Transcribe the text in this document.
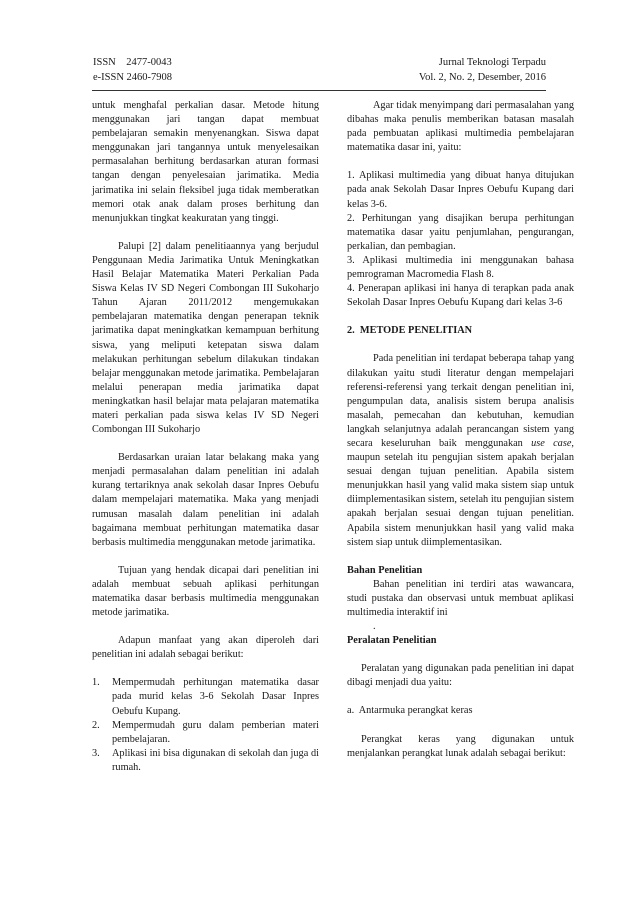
ISSN    2477-0043
e-ISSN 2460-7908
Jurnal Teknologi Terpadu
Vol. 2, No. 2, Desember, 2016

untuk menghafal perkalian dasar. Metode hitung menggunakan jari tangan dapat membuat pembelajaran semakin menyenangkan. Siswa dapat menggunakan jari tangannya untuk menyelesaikan permasalahan berhitung berdasarkan aturan formasi tangan dengan penyelesaian jarimatika. Media jarimatika ini selain fleksibel juga tidak memberatkan memori otak anak dalam proses berhitung dan menunjukkan tingkat keakuratan yang tinggi.

Palupi [2] dalam penelitiaannya yang berjudul Penggunaan Media Jarimatika Untuk Meningkatkan Hasil Belajar Matematika Materi Perkalian Pada Siswa Kelas IV SD Negeri Combongan III Sukoharjo Tahun Ajaran 2011/2012 mengemukakan pembelajaran matematika dengan penerapan teknik jarimatika dapat meningkatkan kemampuan berhitung siswa, yang meliputi ketepatan siswa dalam melakukan perhitungan sebelum dilakukan tindakan belajar menggunakan metode jarimatika. Pembelajaran melalui penerapan media jarimatika dapat meningkatkan hasil belajar mata pelajaran matematika materi perkalian pada siswa kelas IV SD Negeri Combongan III Sukoharjo

Berdasarkan uraian latar belakang maka yang menjadi permasalahan dalam penelitian ini adalah kurang tertariknya anak sekolah dasar Inpres Oebufu dalam mempelajari matematika. Maka yang menjadi rumusan masalah dalam penelitian ini adalah bagaimana membuat perhitungan matematika dasar berbasis multimedia menggunakan metode jarimatika.

Tujuan yang hendak dicapai dari penelitian ini adalah membuat sebuah aplikasi perhitungan matematika dasar berbasis multimedia menggunakan metode jarimatika.

Adapun manfaat yang akan diperoleh dari penelitian ini adalah sebagai berikut:

1. Mempermudah perhitungan matematika dasar pada murid kelas 3-6 Sekolah Dasar Inpres Oebufu Kupang.
2. Mempermudah guru dalam pemberian materi pembelajaran.
3. Aplikasi ini bisa digunakan di sekolah dan juga di rumah.

Agar tidak menyimpang dari permasalahan yang dibahas maka penulis memberikan batasan masalah pada pembuatan aplikasi multimedia pembelajaran matematika dasar ini, yaitu:

1. Aplikasi multimedia yang dibuat hanya ditujukan pada anak Sekolah Dasar Inpres Oebufu Kupang dari kelas 3-6.

2. Perhitungan yang disajikan berupa perhitungan matematika dasar yaitu penjumlahan, pengurangan, perkalian, dan pembagian.

3. Aplikasi multimedia ini menggunakan bahasa pemrograman Macromedia Flash 8.

4. Penerapan aplikasi ini hanya di terapkan pada anak Sekolah Dasar Inpres Oebufu Kupang dari kelas 3-6

2.  METODE PENELITIAN

Pada penelitian ini terdapat beberapa tahap yang dilakukan yaitu studi literatur dengan mempelajari referensi-referensi yang terkait dengan penelitian ini, pengumpulan data, analisis sistem berupa analisis masalah, pemecahan dan kebutuhan, kemudian langkah selanjutnya adalah perancangan sistem yang secara keseluruhan baik menggunakan use case, maupun setelah itu pengujian sistem apakah berjalan sesuai dengan tujuan penelitian. Apabila sistem menunjukkan hasil yang valid maka sistem siap untuk diimplementasikan sistem, setelah itu pengujian sistem apakah berjalan sesuai dengan tujuan penelitian. Apabila sistem menunjukkan hasil yang valid maka sistem siap untuk diimplementasikan.

Bahan Penelitian

Bahan penelitian ini terdiri atas wawancara, studi pustaka dan observasi untuk membuat aplikasi multimedia interaktif ini

.

Peralatan Penelitian

Peralatan yang digunakan pada penelitian ini dapat dibagi menjadi dua yaitu:

a.  Antarmuka perangkat keras

Perangkat keras yang digunakan untuk menjalankan perangkat lunak adalah sebagai berikut:
